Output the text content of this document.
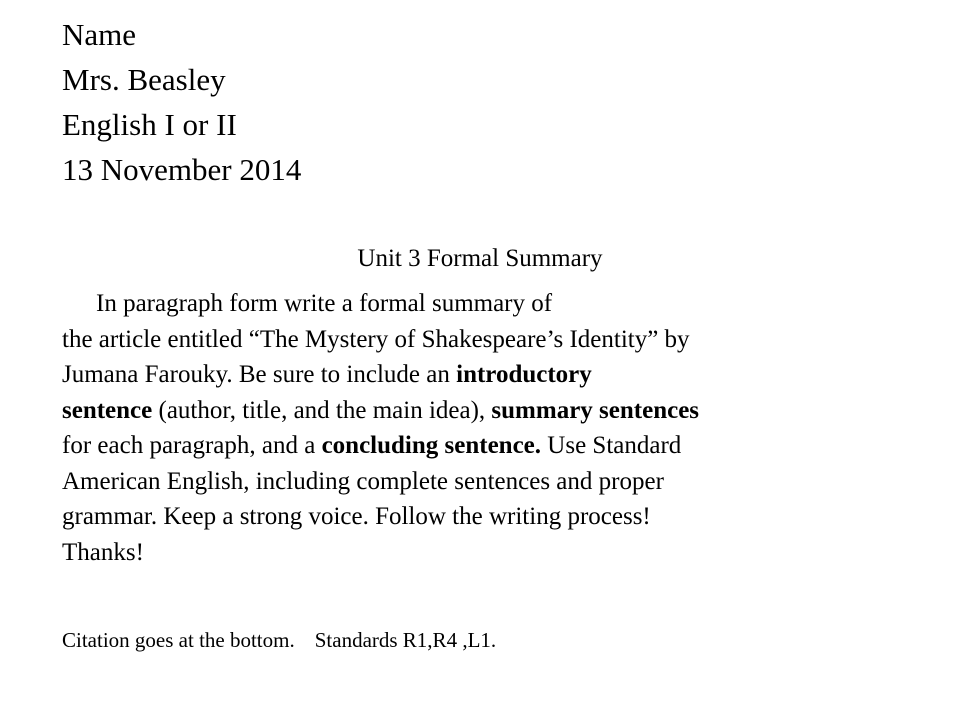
Name
Mrs. Beasley
English I or II
13 November 2014
Unit 3 Formal Summary
In paragraph form write a formal summary of
the article entitled “The Mystery of Shakespeare’s Identity” by
Jumana Farouky. Be sure to include an introductory
sentence (author, title, and the main idea), summary sentences
for each paragraph, and a concluding sentence. Use Standard
American English, including complete sentences and proper
grammar. Keep a strong voice. Follow the writing process!
Thanks!
Citation goes at the bottom. Standards R1,R4 ,L1.
